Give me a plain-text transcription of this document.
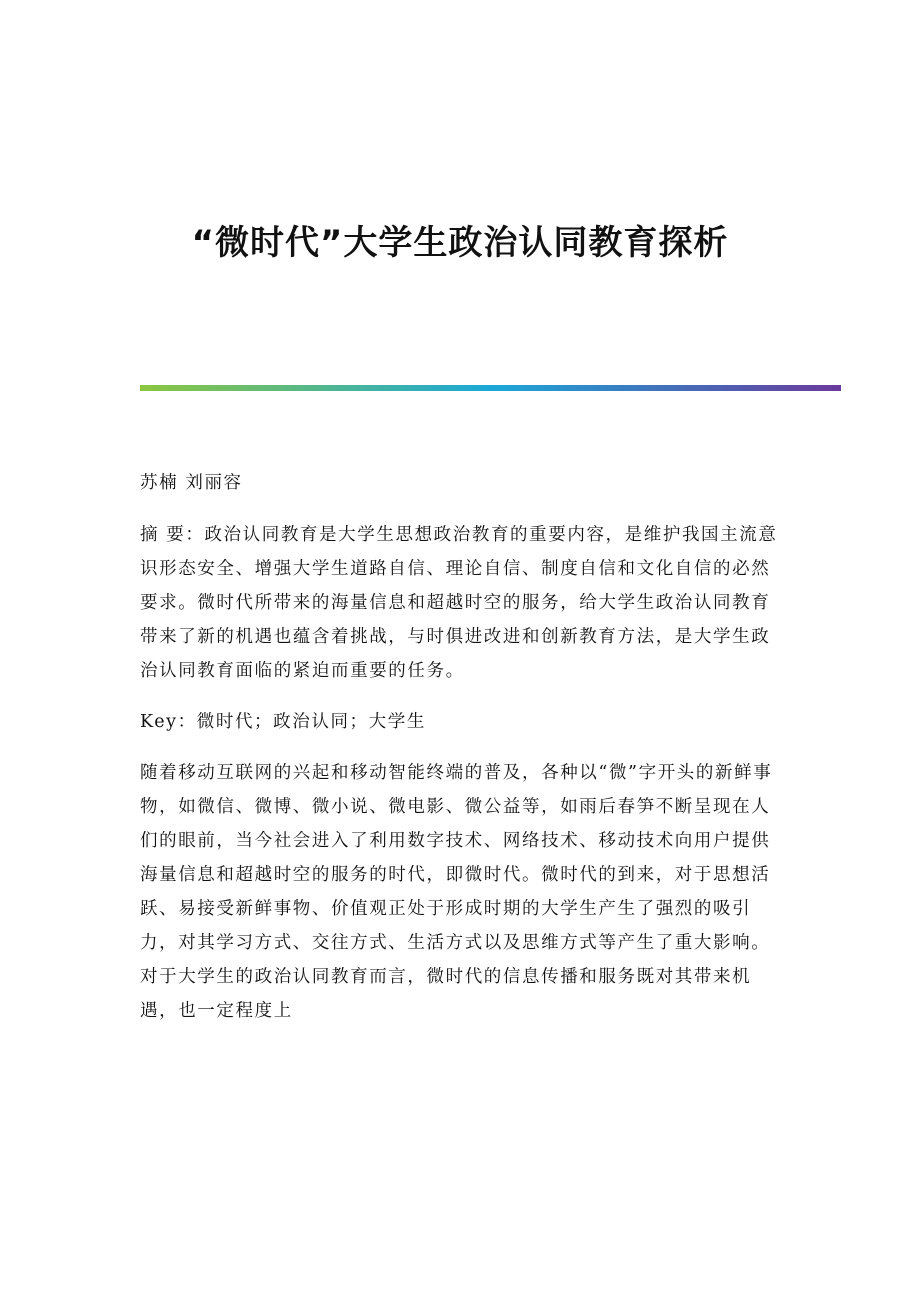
“微时代”大学生政治认同教育探析

苏楠 刘丽容

摘 要：政治认同教育是大学生思想政治教育的重要内容，是维护我国主流意识形态安全、增强大学生道路自信、理论自信、制度自信和文化自信的必然要求。微时代所带来的海量信息和超越时空的服务，给大学生政治认同教育带来了新的机遇也蕴含着挑战，与时俱进改进和创新教育方法，是大学生政治认同教育面临的紧迫而重要的任务。

Key：微时代；政治认同；大学生

随着移动互联网的兴起和移动智能终端的普及，各种以“微”字开头的新鲜事物，如微信、微博、微小说、微电影、微公益等，如雨后春笋不断呈现在人们的眼前，当今社会进入了利用数字技术、网络技术、移动技术向用户提供海量信息和超越时空的服务的时代，即微时代。微时代的到来，对于思想活跃、易接受新鲜事物、价值观正处于形成时期的大学生产生了强烈的吸引力，对其学习方式、交往方式、生活方式以及思维方式等产生了重大影响。对于大学生的政治认同教育而言，微时代的信息传播和服务既对其带来机遇，也一定程度上
